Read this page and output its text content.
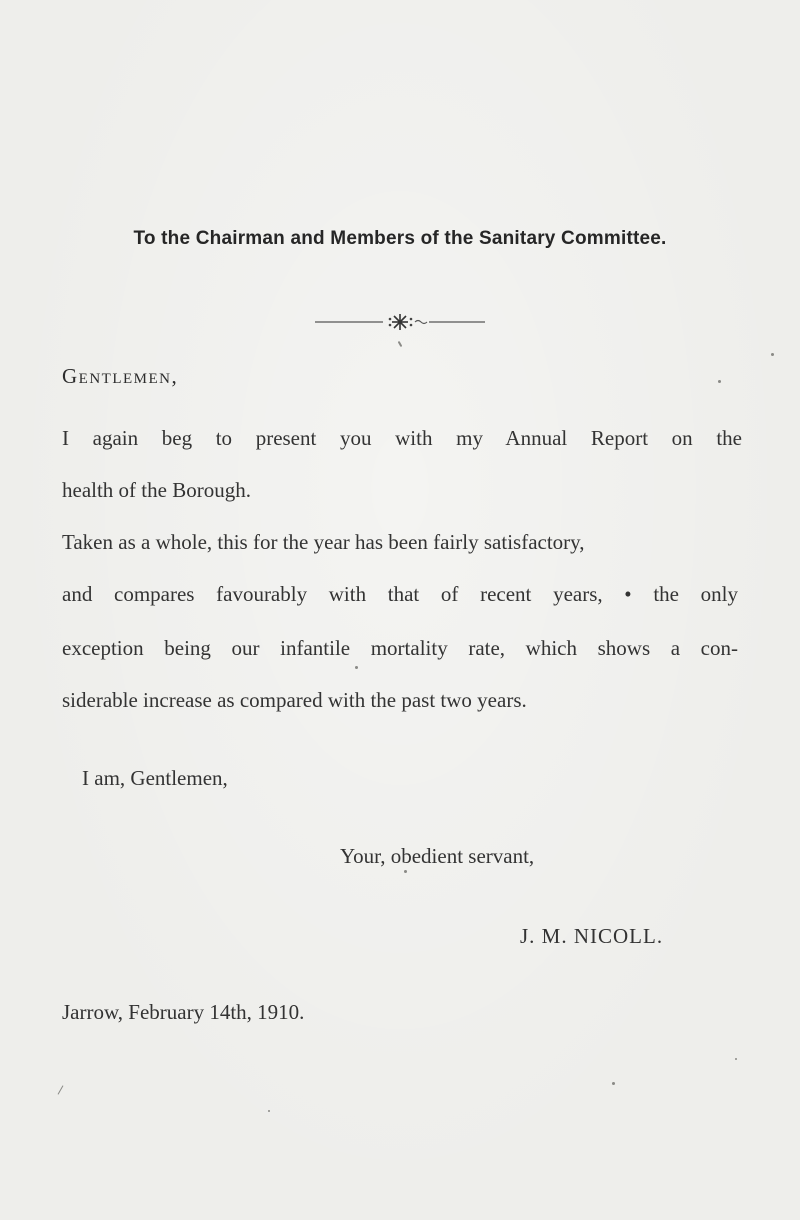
To the Chairman and Members of the Sanitary Committee.
Gentlemen,
I again beg to present you with my Annual Report on the
health of the Borough.
Taken as a whole, this for the year has been fairly satisfactory,
and compares favourably with that of recent years, • the only
exception being our infantile mortality rate, which shows a con-
siderable increase as compared with the past two years.
I am, Gentlemen,
Your, obedient servant,
J. M. NICOLL.
Jarrow, February 14th, 1910.
